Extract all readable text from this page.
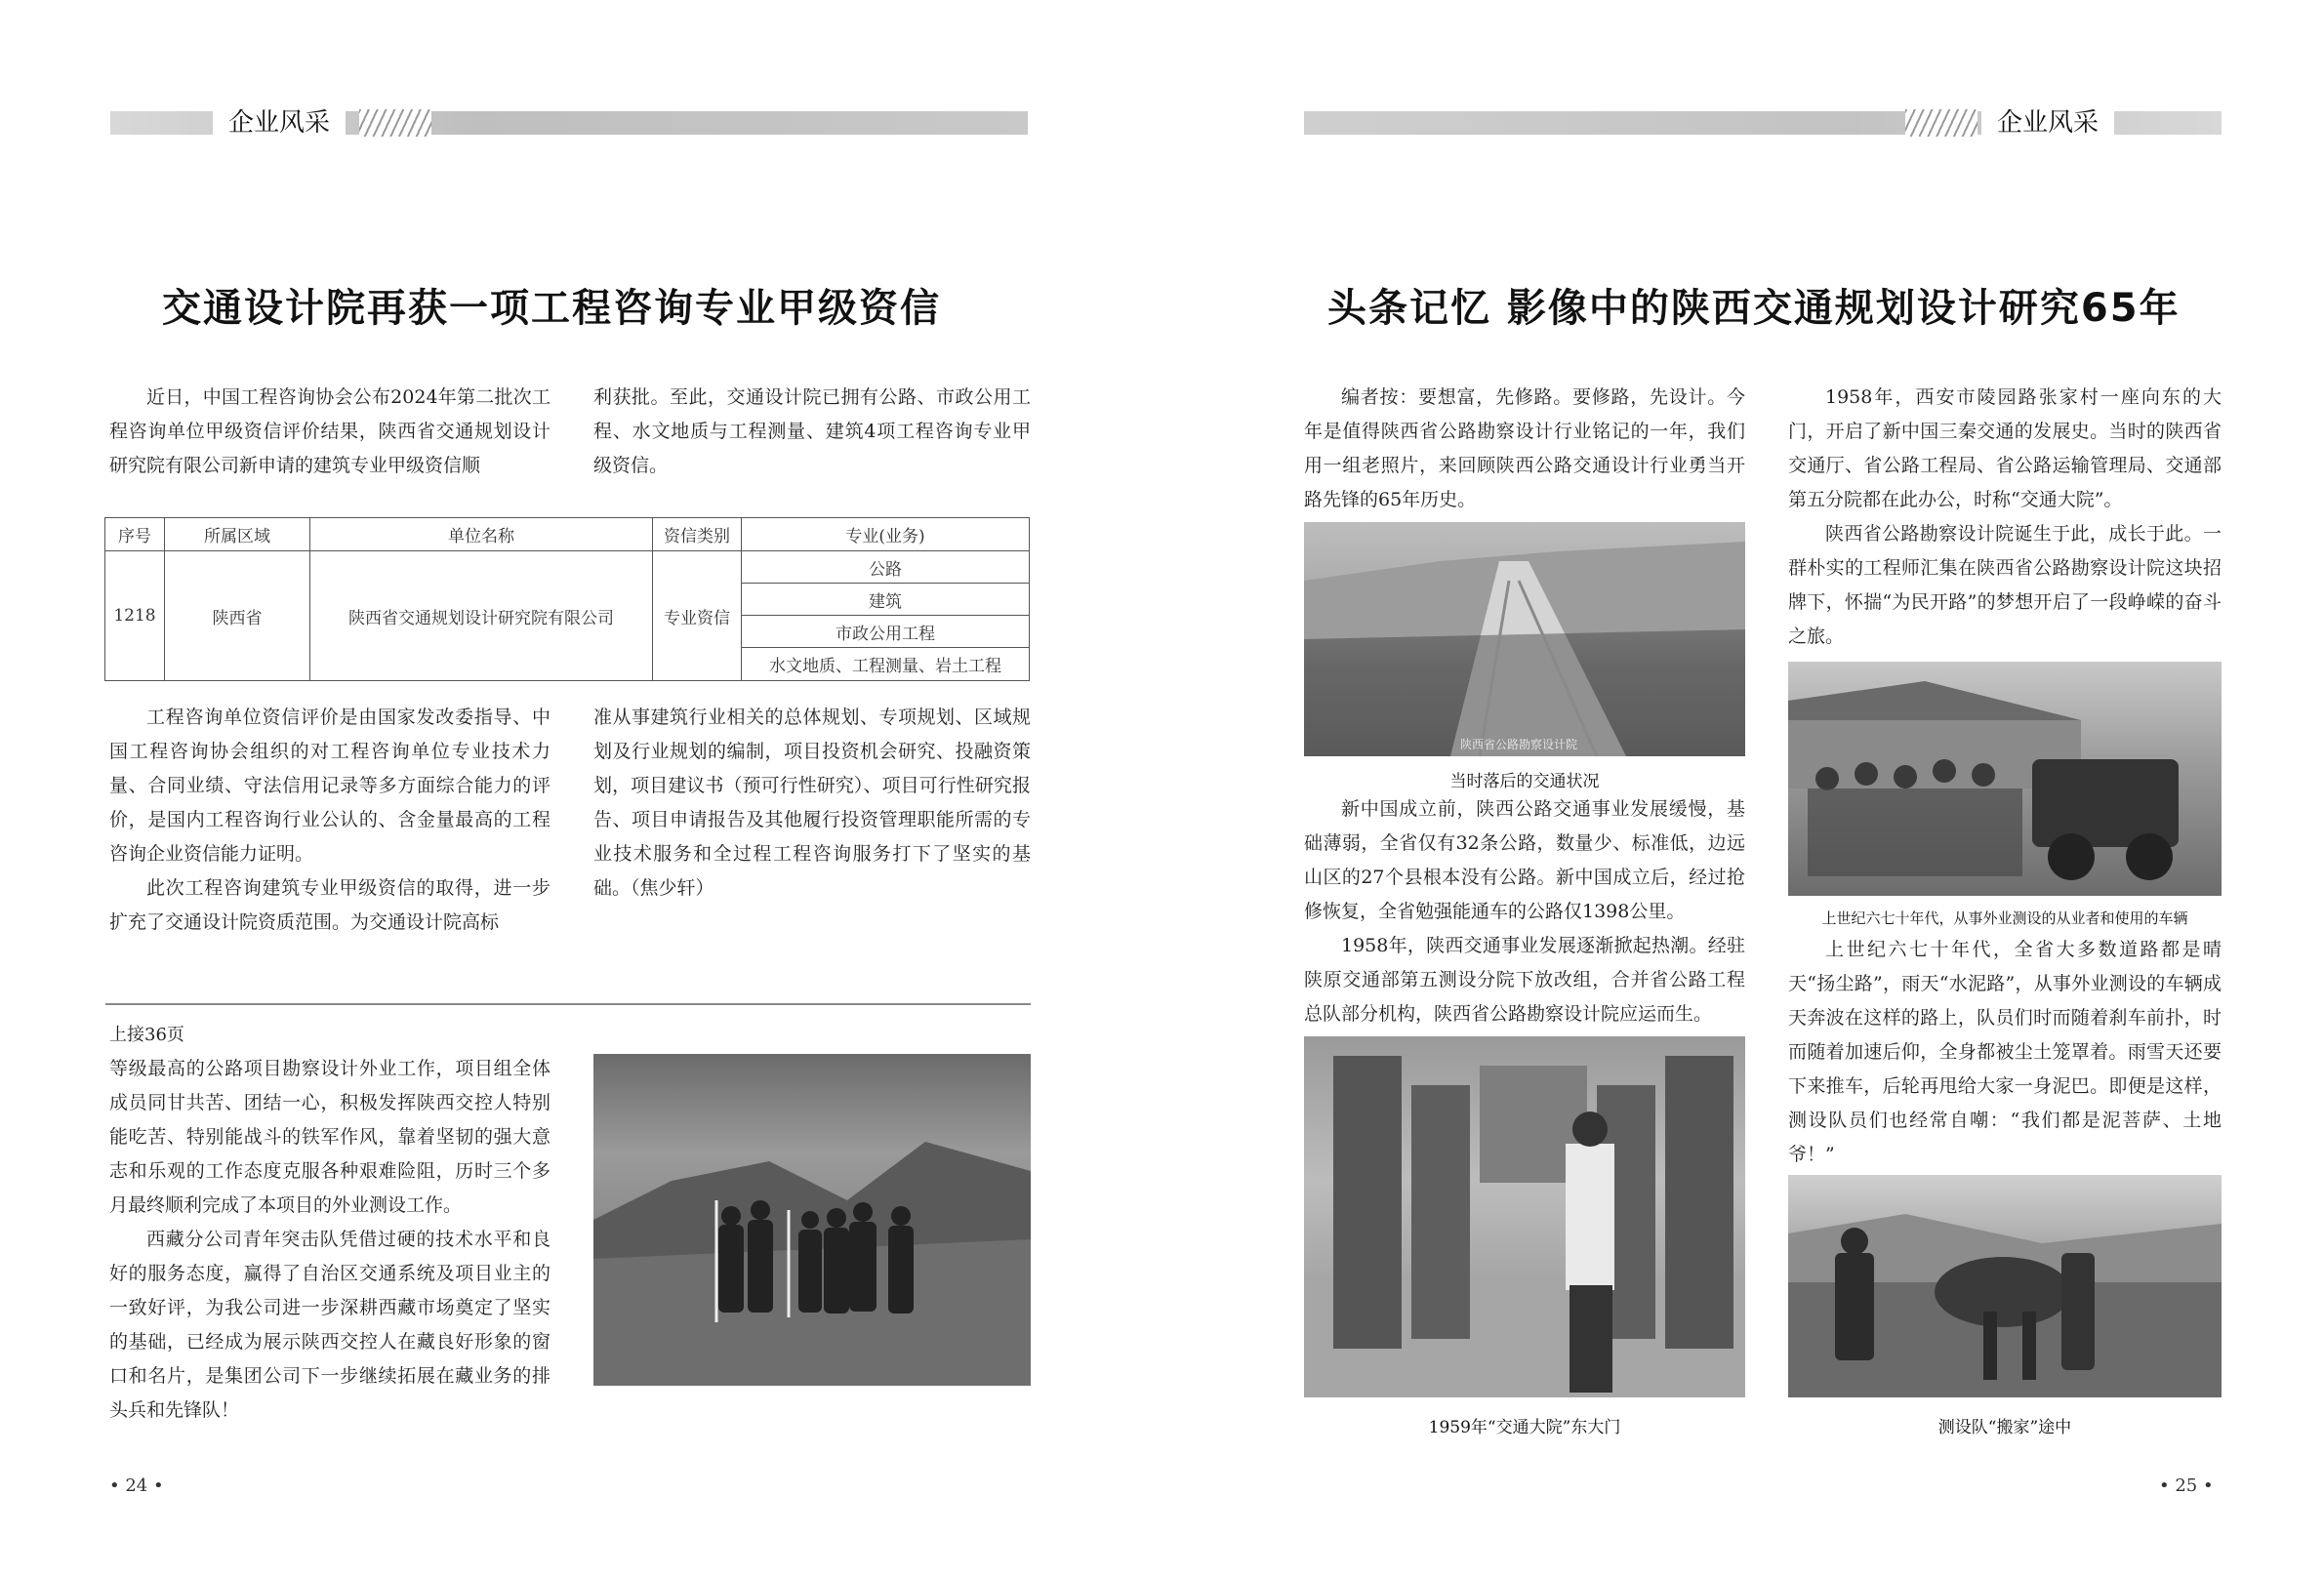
企业风采
交通设计院再获一项工程咨询专业甲级资信

近日，中国工程咨询协会公布2024年第二批次工程咨询单位甲级资信评价结果，陕西省交通规划设计研究院有限公司新申请的建筑专业甲级资信顺

利获批。至此，交通设计院已拥有公路、市政公用工程、水文地质与工程测量、建筑4项工程咨询专业甲级资信。

序号	所属区域	单位名称	资信类别	专业(业务)
1218	陕西省	陕西省交通规划设计研究院有限公司	专业资信	公路
				建筑
				市政公用工程
				水文地质、工程测量、岩土工程

工程咨询单位资信评价是由国家发改委指导、中国工程咨询协会组织的对工程咨询单位专业技术力量、合同业绩、守法信用记录等多方面综合能力的评价，是国内工程咨询行业公认的、含金量最高的工程咨询企业资信能力证明。

此次工程咨询建筑专业甲级资信的取得，进一步扩充了交通设计院资质范围。为交通设计院高标

准从事建筑行业相关的总体规划、专项规划、区域规划及行业规划的编制，项目投资机会研究、投融资策划，项目建议书（预可行性研究）、项目可行性研究报告、项目申请报告及其他履行投资管理职能所需的专业技术服务和全过程工程咨询服务打下了坚实的基础。（焦少轩）

上接36页

等级最高的公路项目勘察设计外业工作，项目组全体成员同甘共苦、团结一心，积极发挥陕西交控人特别能吃苦、特别能战斗的铁军作风，靠着坚韧的强大意志和乐观的工作态度克服各种艰难险阻，历时三个多月最终顺利完成了本项目的外业测设工作。

西藏分公司青年突击队凭借过硬的技术水平和良好的服务态度，赢得了自治区交通系统及项目业主的一致好评，为我公司进一步深耕西藏市场奠定了坚实的基础，已经成为展示陕西交控人在藏良好形象的窗口和名片，是集团公司下一步继续拓展在藏业务的排头兵和先锋队！

• 24 •
企业风采
头条记忆 影像中的陕西交通规划设计研究65年

编者按：要想富，先修路。要修路，先设计。今年是值得陕西省公路勘察设计行业铭记的一年，我们用一组老照片，来回顾陕西公路交通设计行业勇当开路先锋的65年历史。

陕西省公路勘察设计院
当时落后的交通状况

新中国成立前，陕西公路交通事业发展缓慢，基础薄弱，全省仅有32条公路，数量少、标准低，边远山区的27个县根本没有公路。新中国成立后，经过抢修恢复，全省勉强能通车的公路仅1398公里。

1958年，陕西交通事业发展逐渐掀起热潮。经驻陕原交通部第五测设分院下放改组，合并省公路工程总队部分机构，陕西省公路勘察设计院应运而生。

1959年“交通大院”东大门

1958年，西安市陵园路张家村一座向东的大门，开启了新中国三秦交通的发展史。当时的陕西省交通厅、省公路工程局、省公路运输管理局、交通部第五分院都在此办公，时称“交通大院”。

陕西省公路勘察设计院诞生于此，成长于此。一群朴实的工程师汇集在陕西省公路勘察设计院这块招牌下，怀揣“为民开路”的梦想开启了一段峥嵘的奋斗之旅。

上世纪六七十年代，从事外业测设的从业者和使用的车辆

上世纪六七十年代，全省大多数道路都是晴天“扬尘路”，雨天“水泥路”，从事外业测设的车辆成天奔波在这样的路上，队员们时而随着刹车前扑，时而随着加速后仰，全身都被尘土笼罩着。雨雪天还要下来推车，后轮再甩给大家一身泥巴。即便是这样，测设队员们也经常自嘲：“我们都是泥菩萨、土地爷！”

测设队“搬家”途中
• 25 •
